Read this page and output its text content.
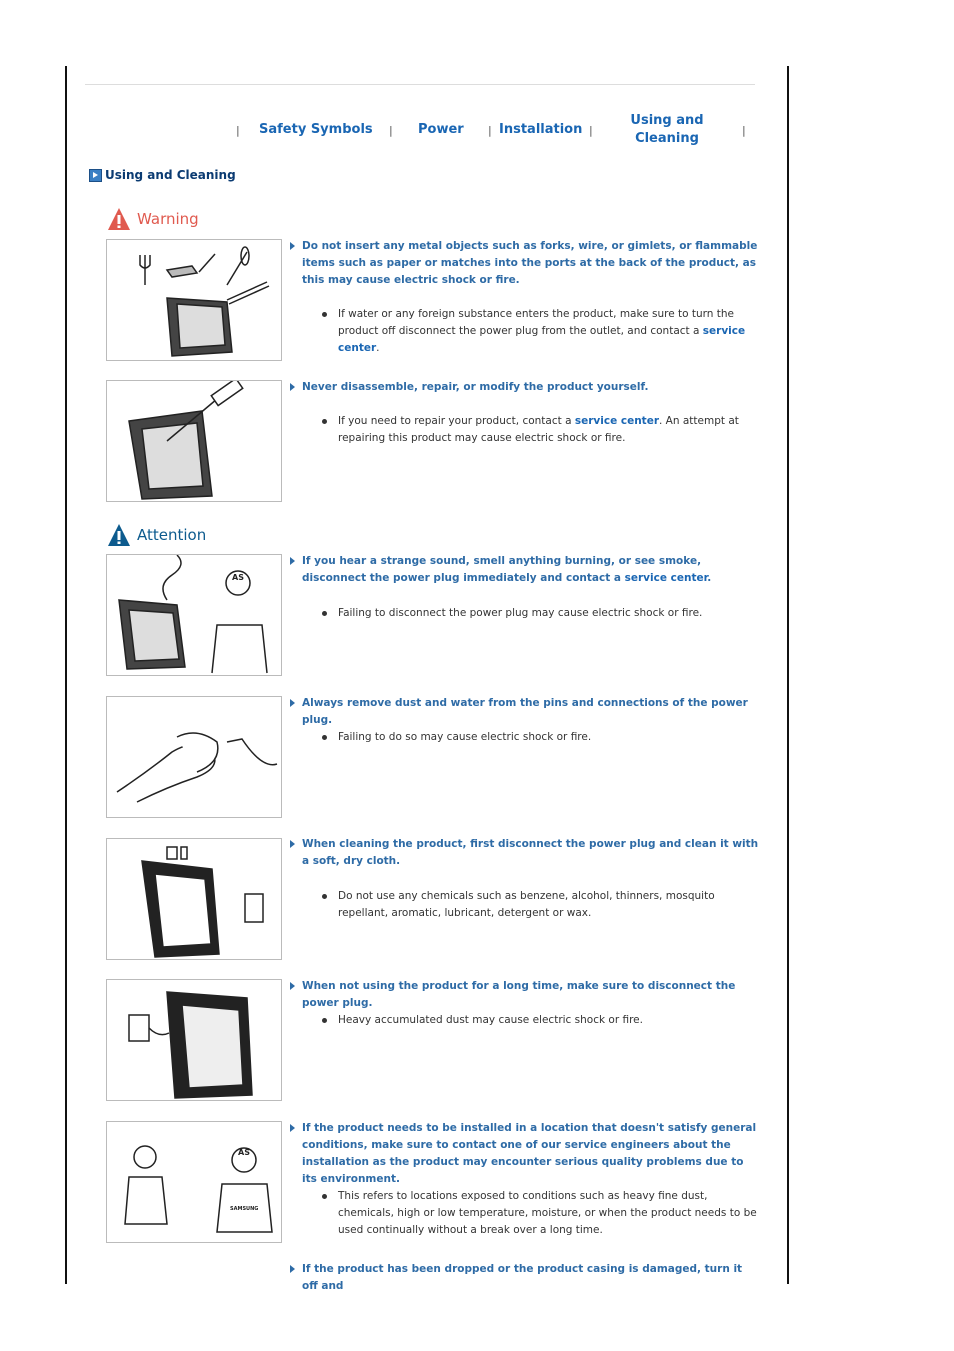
| Safety Symbols | Power | Installation |
Using and
Cleaning
|
Using and Cleaning
Warning
Do not insert any metal objects such as forks, wire, or gimlets, or flammable items such as paper or matches into the ports at the back of the product, as this may cause electric shock or fire.
If water or any foreign substance enters the product, make sure to turn the product off disconnect the power plug from the outlet, and contact a service center.
Never disassemble, repair, or modify the product yourself.
If you need to repair your product, contact a service center. An attempt at repairing this product may cause electric shock or fire.
Attention
AS
If you hear a strange sound, smell anything burning, or see smoke, disconnect the power plug immediately and contact a service center.
Failing to disconnect the power plug may cause electric shock or fire.
Always remove dust and water from the pins and connections of the power plug.
Failing to do so may cause electric shock or fire.
When cleaning the product, first disconnect the power plug and clean it with a soft, dry cloth.
Do not use any chemicals such as benzene, alcohol, thinners, mosquito repellant, aromatic, lubricant, detergent or wax.
When not using the product for a long time, make sure to disconnect the power plug.
Heavy accumulated dust may cause electric shock or fire.
AS
SAMSUNG
If the product needs to be installed in a location that doesn't satisfy general conditions, make sure to contact one of our service engineers about the installation as the product may encounter serious quality problems due to its environment.
This refers to locations exposed to conditions such as heavy fine dust, chemicals, high or low temperature, moisture, or when the product needs to be used continually without a break over a long time.
If the product has been dropped or the product casing is damaged, turn it off and
